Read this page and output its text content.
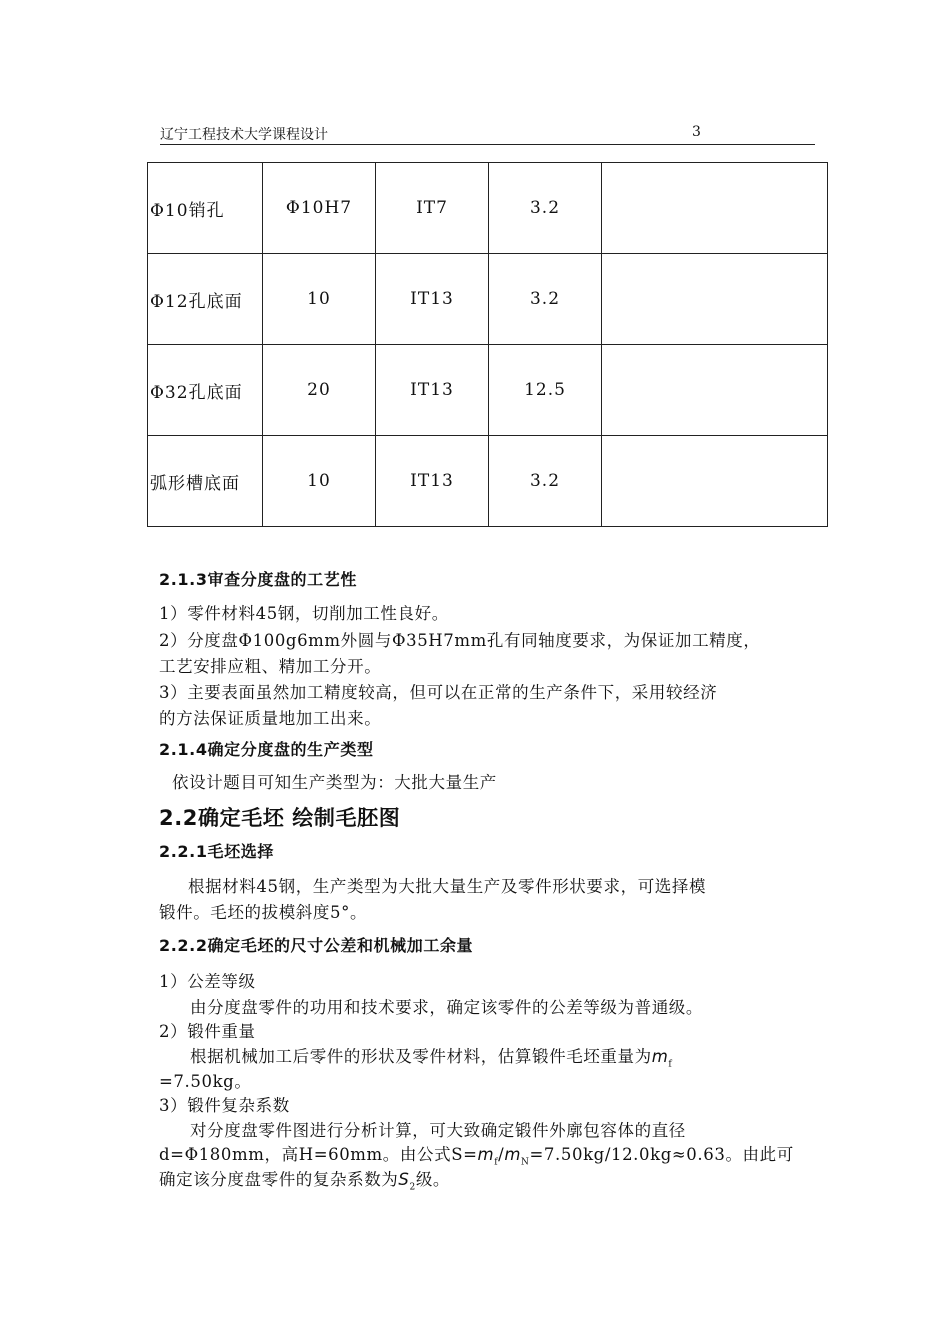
辽宁工程技术大学课程设计	3
Φ10销孔	Φ10H7	IT7	3.2	
Φ12孔底面	10	IT13	3.2	
Φ32孔底面	20	IT13	12.5	
弧形槽底面	10	IT13	3.2	
2.1.3审查分度盘的工艺性
1）零件材料45钢，切削加工性良好。
2）分度盘Φ100g6mm外圆与Φ35H7mm孔有同轴度要求，为保证加工精度，
工艺安排应粗、精加工分开。
3）主要表面虽然加工精度较高，但可以在正常的生产条件下，采用较经济
的方法保证质量地加工出来。
2.1.4确定分度盘的生产类型
依设计题目可知生产类型为：大批大量生产
2.2确定毛坯 绘制毛胚图
2.2.1毛坯选择
根据材料45钢，生产类型为大批大量生产及零件形状要求，可选择模
锻件。毛坯的拔模斜度5°。
2.2.2确定毛坯的尺寸公差和机械加工余量
1）公差等级
由分度盘零件的功用和技术要求，确定该零件的公差等级为普通级。
2）锻件重量
根据机械加工后零件的形状及零件材料，估算锻件毛坯重量为$m_f$
=7.50kg。
3）锻件复杂系数
对分度盘零件图进行分析计算，可大致确定锻件外廓包容体的直径
d=Φ180mm，高H=60mm。由公式$S=m_f/m_N=7.50kg/12.0kg\approx 0.63$。由此可
确定该分度盘零件的复杂系数为$S_2$级。
